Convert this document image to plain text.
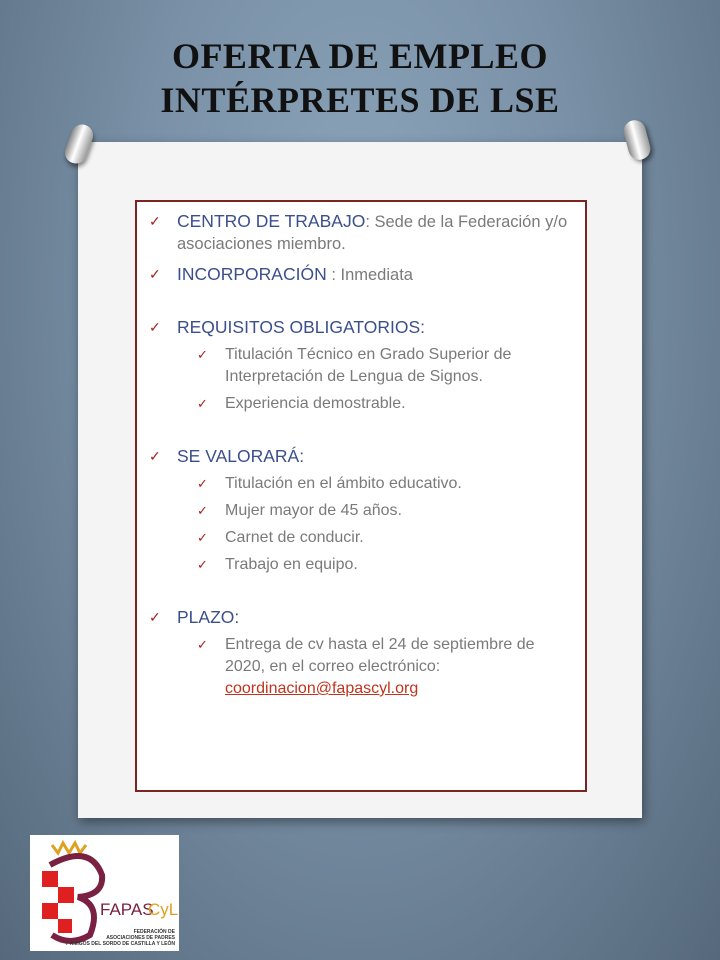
OFERTA DE EMPLEO
INTÉRPRETES DE LSE
✓ CENTRO DE TRABAJO: Sede de la Federación y/o asociaciones miembro.
✓ INCORPORACIÓN : Inmediata
✓ REQUISITOS OBLIGATORIOS:
✓ Titulación Técnico en Grado Superior de Interpretación de Lengua de Signos.
✓ Experiencia demostrable.
✓ SE VALORARÁ:
✓ Titulación en el ámbito educativo.
✓ Mujer mayor de 45 años.
✓ Carnet de conducir.
✓ Trabajo en equipo.
✓ PLAZO:
✓ Entrega de cv hasta el 24 de septiembre de 2020, en el correo electrónico:
coordinacion@fapascyl.org
FAPAS
CyL
FEDERACIÓN DE
ASOCIACIONES DE PADRES
Y AMIGOS DEL SORDO DE CASTILLA Y LEÓN
